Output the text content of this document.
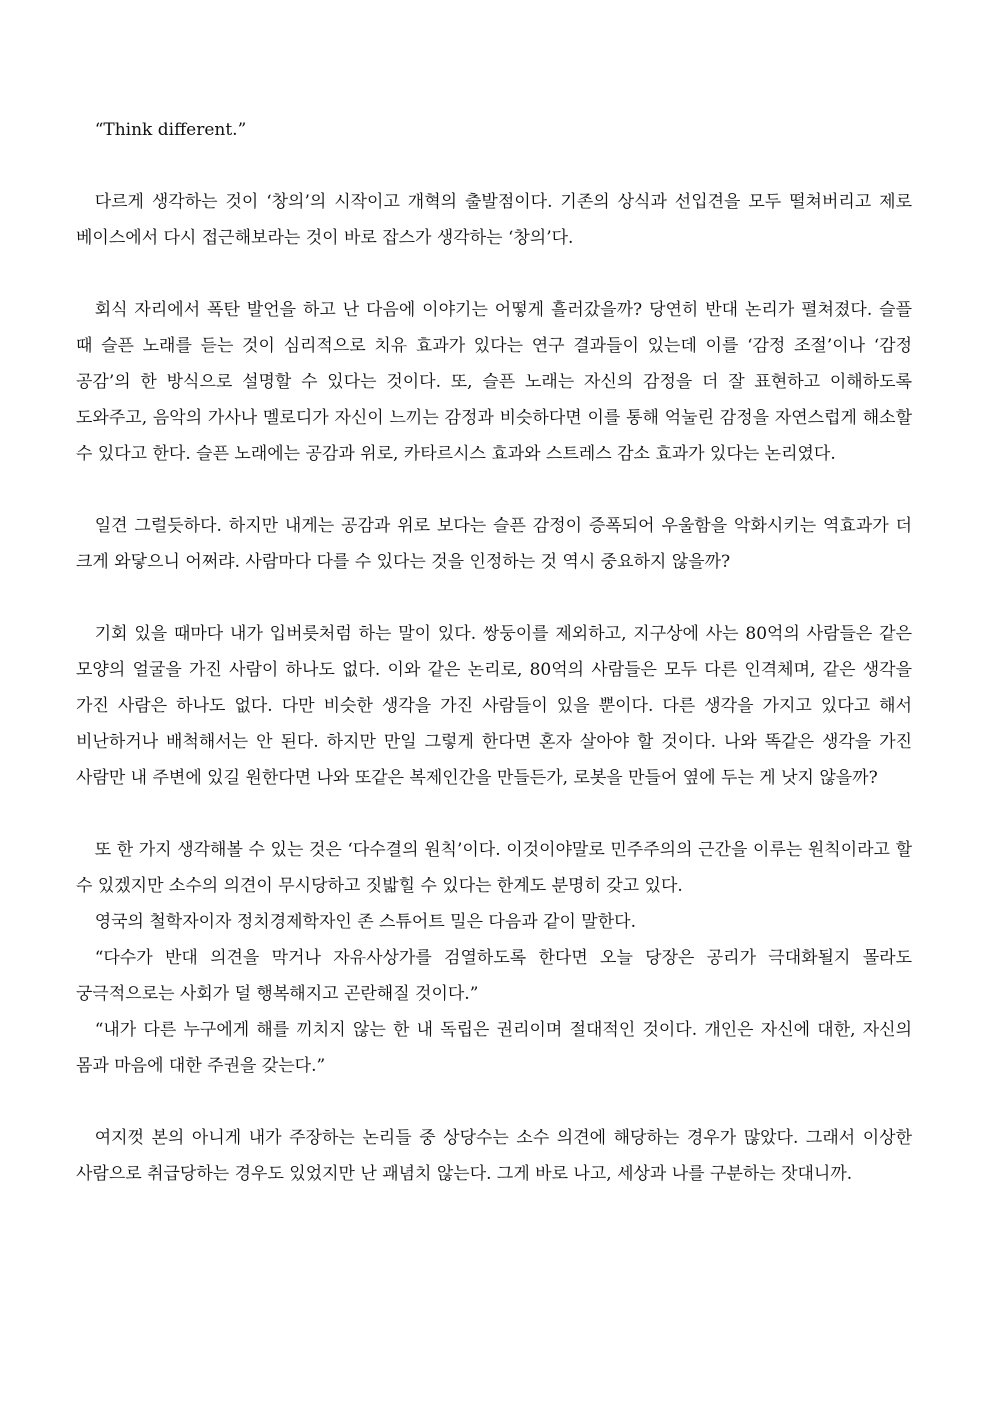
“Think different.”

다르게 생각하는 것이 ‘창의’의 시작이고 개혁의 출발점이다. 기존의 상식과 선입견을 모두 떨쳐버리고 제로 베이스에서 다시 접근해보라는 것이 바로 잡스가 생각하는 ‘창의’다.

회식 자리에서 폭탄 발언을 하고 난 다음에 이야기는 어떻게 흘러갔을까? 당연히 반대 논리가 펼쳐졌다. 슬플 때 슬픈 노래를 듣는 것이 심리적으로 치유 효과가 있다는 연구 결과들이 있는데 이를 ‘감정 조절’이나 ‘감정 공감’의 한 방식으로 설명할 수 있다는 것이다. 또, 슬픈 노래는 자신의 감정을 더 잘 표현하고 이해하도록 도와주고, 음악의 가사나 멜로디가 자신이 느끼는 감정과 비슷하다면 이를 통해 억눌린 감정을 자연스럽게 해소할 수 있다고 한다. 슬픈 노래에는 공감과 위로, 카타르시스 효과와 스트레스 감소 효과가 있다는 논리였다.

일견 그럴듯하다. 하지만 내게는 공감과 위로 보다는 슬픈 감정이 증폭되어 우울함을 악화시키는 역효과가 더 크게 와닿으니 어쩌랴. 사람마다 다를 수 있다는 것을 인정하는 것 역시 중요하지 않을까?

기회 있을 때마다 내가 입버릇처럼 하는 말이 있다. 쌍둥이를 제외하고, 지구상에 사는 80억의 사람들은 같은 모양의 얼굴을 가진 사람이 하나도 없다. 이와 같은 논리로, 80억의 사람들은 모두 다른 인격체며, 같은 생각을 가진 사람은 하나도 없다. 다만 비슷한 생각을 가진 사람들이 있을 뿐이다. 다른 생각을 가지고 있다고 해서 비난하거나 배척해서는 안 된다. 하지만 만일 그렇게 한다면 혼자 살아야 할 것이다. 나와 똑같은 생각을 가진 사람만 내 주변에 있길 원한다면 나와 또같은 복제인간을 만들든가, 로봇을 만들어 옆에 두는 게 낫지 않을까?

또 한 가지 생각해볼 수 있는 것은 ‘다수결의 원칙’이다. 이것이야말로 민주주의의 근간을 이루는 원칙이라고 할 수 있겠지만 소수의 의견이 무시당하고 짓밟힐 수 있다는 한계도 분명히 갖고 있다.

영국의 철학자이자 정치경제학자인 존 스튜어트 밀은 다음과 같이 말한다.

“다수가 반대 의견을 막거나 자유사상가를 검열하도록 한다면 오늘 당장은 공리가 극대화될지 몰라도 궁극적으로는 사회가 덜 행복해지고 곤란해질 것이다.”

“내가 다른 누구에게 해를 끼치지 않는 한 내 독립은 권리이며 절대적인 것이다. 개인은 자신에 대한, 자신의 몸과 마음에 대한 주권을 갖는다.”

여지껏 본의 아니게 내가 주장하는 논리들 중 상당수는 소수 의견에 해당하는 경우가 많았다. 그래서 이상한 사람으로 취급당하는 경우도 있었지만 난 괘념치 않는다. 그게 바로 나고, 세상과 나를 구분하는 잣대니까.
